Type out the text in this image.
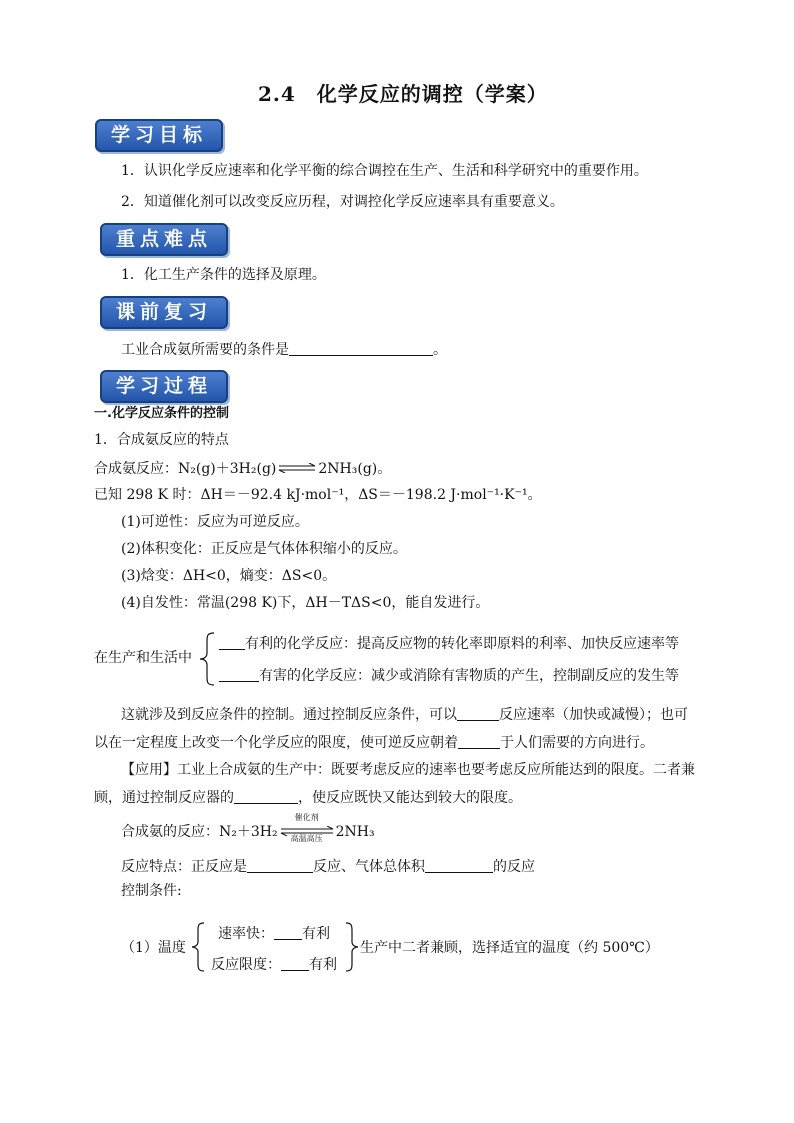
2.4　化学反应的调控（学案）
学习目标
重点难点
课前复习
学习过程
1．认识化学反应速率和化学平衡的综合调控在生产、生活和科学研究中的重要作用。
2．知道催化剂可以改变反应历程，对调控化学反应速率具有重要意义。
1．化工生产条件的选择及原理。
工业合成氨所需要的条件是	。
一.化学反应条件的控制
1．合成氨反应的特点
合成氨反应：N₂(g)＋3H₂(g) ⇌ 2NH₃(g)。
已知 298 K 时：ΔH＝－92.4 kJ·mol⁻¹，ΔS＝－198.2 J·mol⁻¹·K⁻¹。
(1)可逆性：反应为可逆反应。
(2)体积变化：正反应是气体体积缩小的反应。
(3)焓变：ΔH<0，熵变：ΔS<0。
(4)自发性：常温(298 K)下，ΔH－TΔS<0，能自发进行。
在生产和生活中
有利的化学反应：提高反应物的转化率即原料的利率、加快反应速率等
有害的化学反应：减少或消除有害物质的产生，控制副反应的发生等
这就涉及到反应条件的控制。通过控制反应条件，可以	反应速率（加快或减慢）；也可
以在一定程度上改变一个化学反应的限度，使可逆反应朝着	于人们需要的方向进行。
【应用】工业上合成氨的生产中：既要考虑反应的速率也要考虑反应所能达到的限度。二者兼
顾，通过控制反应器的	，使反应既快又能达到较大的限度。
合成氨的反应：N₂＋3H₂
催化剂
高温高压 2NH₃
反应特点：正反应是	反应、气体总体积	的反应
控制条件:
（1）温度
速率快： 有利
反应限度： 有利
生产中二者兼顾，选择适宜的温度（约 500℃）
